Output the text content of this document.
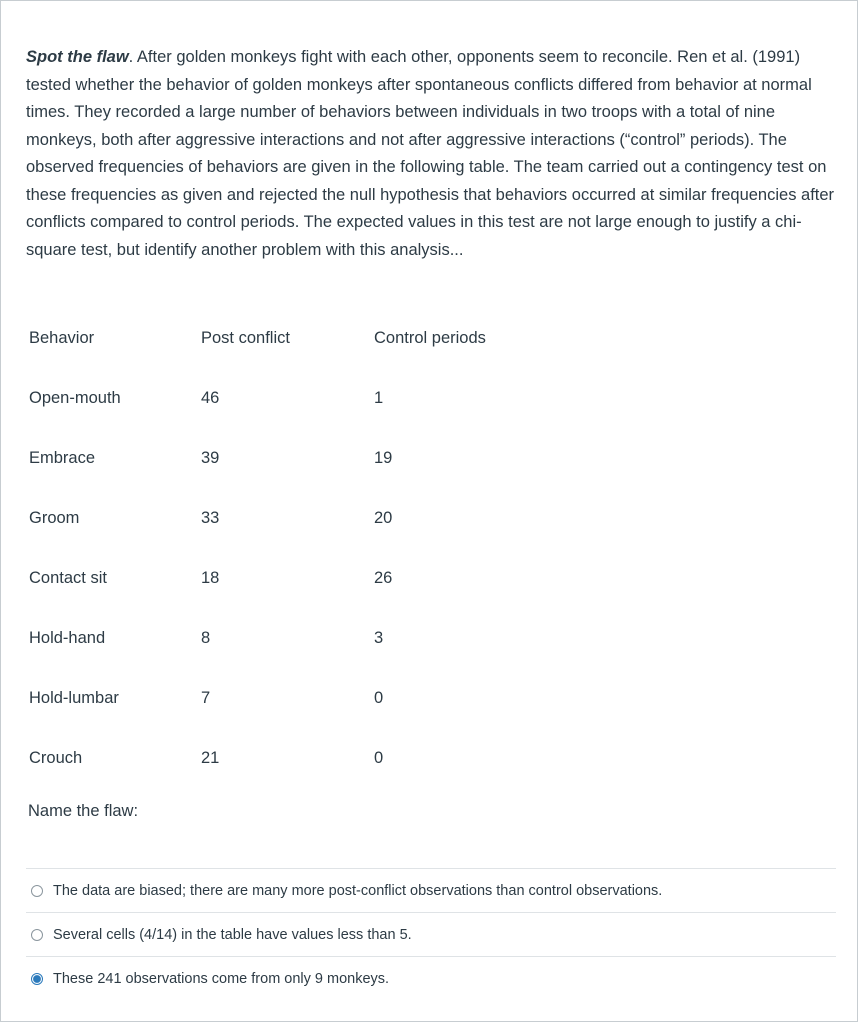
Spot the flaw. After golden monkeys fight with each other, opponents seem to reconcile. Ren et al. (1991) tested whether the behavior of golden monkeys after spontaneous conflicts differed from behavior at normal times. They recorded a large number of behaviors between individuals in two troops with a total of nine monkeys, both after aggressive interactions and not after aggressive interactions (“control” periods). The observed frequencies of behaviors are given in the following table. The team carried out a contingency test on these frequencies as given and rejected the null hypothesis that behaviors occurred at similar frequencies after conflicts compared to control periods. The expected values in this test are not large enough to justify a chi-square test, but identify another problem with this analysis...
Behavior	Post conflict	Control periods
Open-mouth	46	1
Embrace	39	19
Groom	33	20
Contact sit	18	26
Hold-hand	8	3
Hold-lumbar	7	0
Crouch	21	0
Name the flaw:
The data are biased; there are many more post-conflict observations than control observations.
Several cells (4/14) in the table have values less than 5.
These 241 observations come from only 9 monkeys.
